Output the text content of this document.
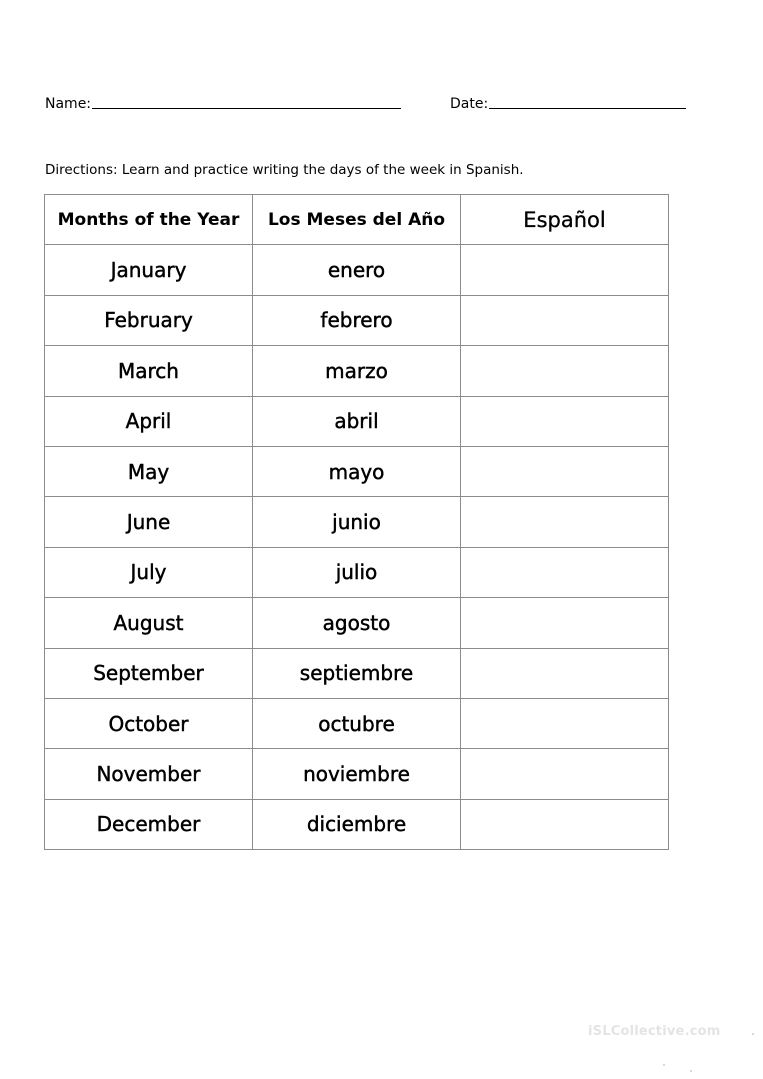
Name:	Date:
Directions: Learn and practice writing the days of the week in Spanish.
Months of the Year	Los Meses del Año	Español
January	enero	
February	febrero	
March	marzo	
April	abril	
May	mayo	
June	junio	
July	julio	
August	agosto	
September	septiembre	
October	octubre	
November	noviembre	
December	diciembre	
iSLCollective.com
